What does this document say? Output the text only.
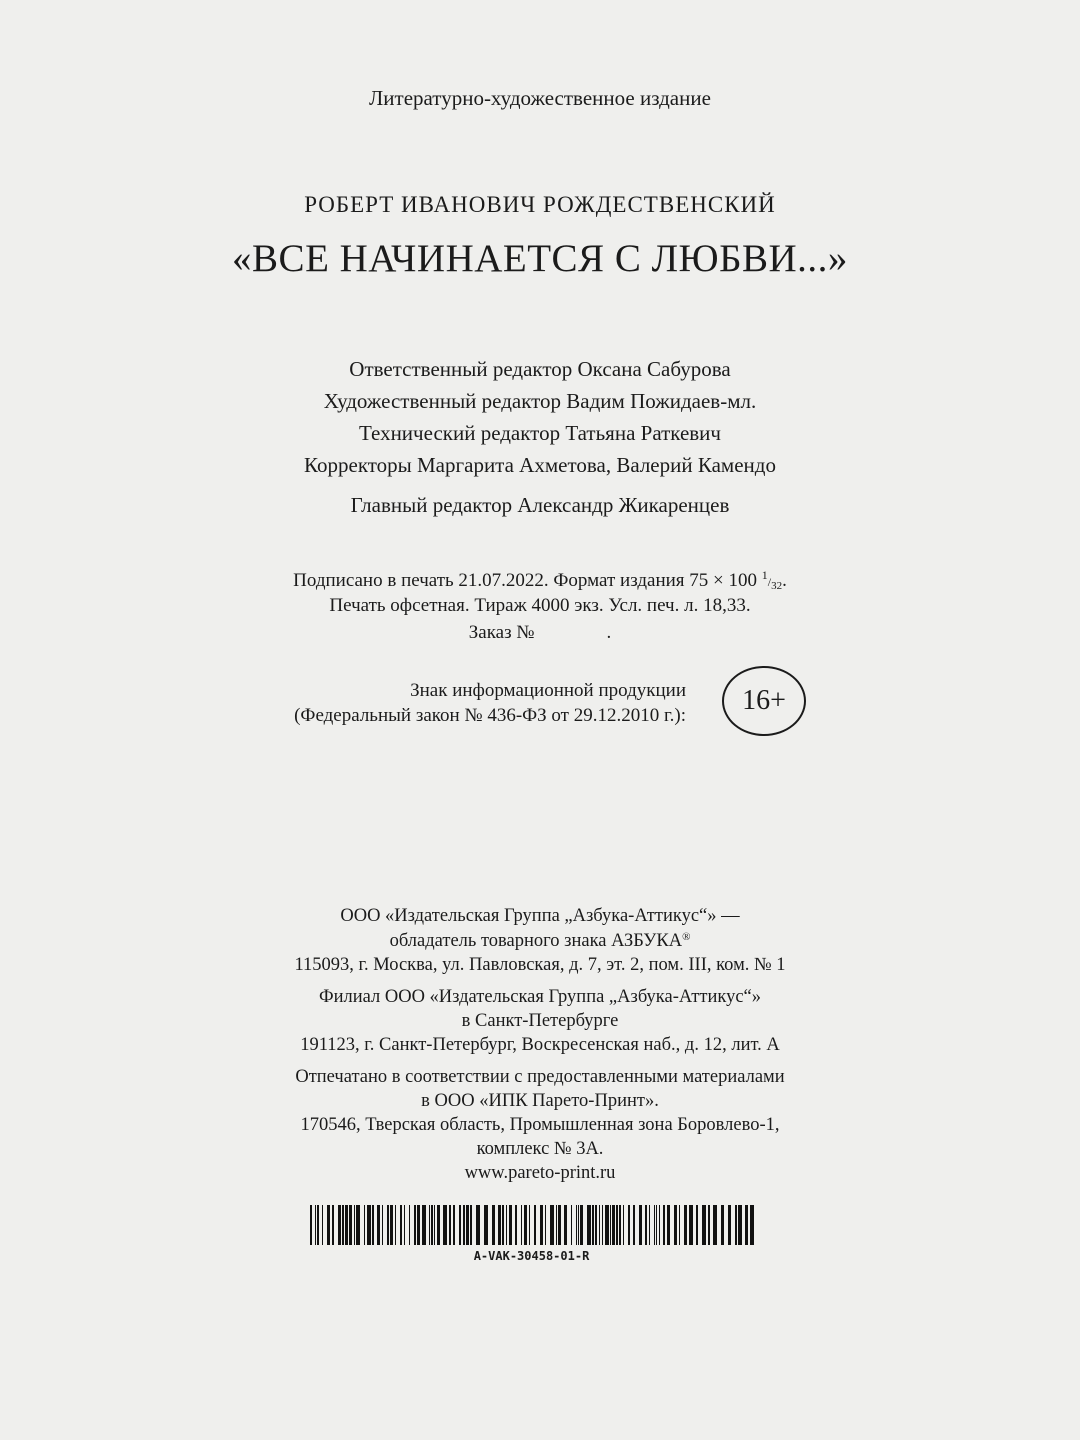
Литературно-художественное издание
РОБЕРТ ИВАНОВИЧ РОЖДЕСТВЕНСКИЙ
«ВСЕ НАЧИНАЕТСЯ С ЛЮБВИ...»
Ответственный редактор Оксана Сабурова
Художественный редактор Вадим Пожидаев-мл.
Технический редактор Татьяна Раткевич
Корректоры Маргарита Ахметова, Валерий Камендо
Главный редактор Александр Жикаренцев
Подписано в печать 21.07.2022. Формат издания 75 × 100 $^1/_{32}$.
Печать офсетная. Тираж 4000 экз. Усл. печ. л. 18,33.
Заказ №	.
Знак информационной продукции
(Федеральный закон № 436-ФЗ от 29.12.2010 г.): 16+
ООО «Издательская Группа „Азбука-Аттикус“» —
обладатель товарного знака АЗБУКА®
115093, г. Москва, ул. Павловская, д. 7, эт. 2, пом. III, ком. № 1
Филиал ООО «Издательская Группа „Азбука-Аттикус“»
в Санкт-Петербурге
191123, г. Санкт-Петербург, Воскресенская наб., д. 12, лит. А
Отпечатано в соответствии с предоставленными материалами
в ООО «ИПК Парето-Принт».
170546, Тверская область, Промышленная зона Боровлево-1,
комплекс № 3А.
www.pareto-print.ru
A-VAK-30458-01-R
